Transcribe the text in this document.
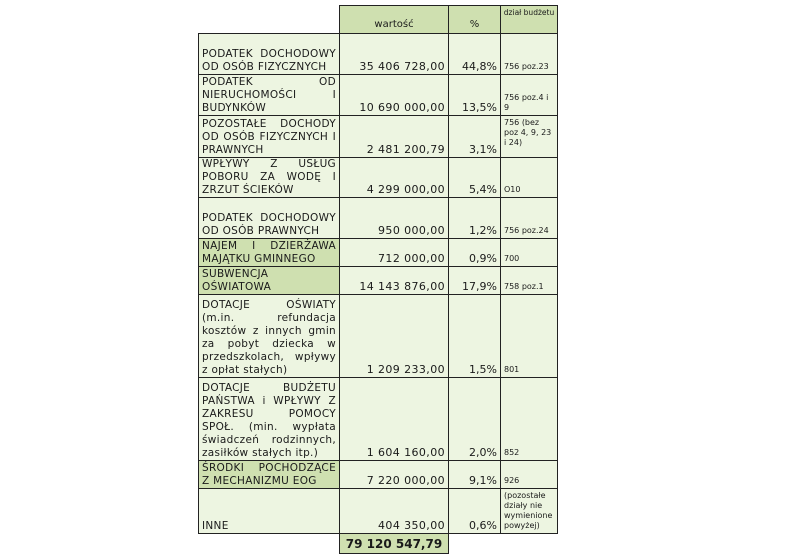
	wartość	%	dział budżetu
PODATEK DOCHODOWY OD OSÓB FIZYCZNYCH	35 406 728,00	44,8%	756 poz.23
PODATEK OD NIERUCHOMOŚCI I BUDYNKÓW	10 690 000,00	13,5%	756 poz.4 i 9
POZOSTAŁE DOCHODY OD OSÓB FIZYCZNYCH I PRAWNYCH	2 481 200,79	3,1%	756 (bez poz 4, 9, 23 i 24)
WPŁYWY Z USŁUG POBORU ZA WODĘ I ZRZUT ŚCIEKÓW	4 299 000,00	5,4%	O10
PODATEK DOCHODOWY OD OSÓB PRAWNYCH	950 000,00	1,2%	756 poz.24
NAJEM I DZIERŻAWA MAJĄTKU GMINNEGO	712 000,00	0,9%	700
SUBWENCJA OŚWIATOWA	14 143 876,00	17,9%	758 poz.1
DOTACJE OŚWIATY (m.in. refundacja kosztów z innych gmin za pobyt dziecka w przedszkolach, wpływy z opłat stałych)	1 209 233,00	1,5%	801
DOTACJE BUDŻETU PAŃSTWA i WPŁYWY Z ZAKRESU POMOCY SPOŁ. (min. wypłata świadczeń rodzinnych, zasiłków stałych itp.)	1 604 160,00	2,0%	852
ŚRODKI POCHODZĄCE Z MECHANIZMU EOG	7 220 000,00	9,1%	926
INNE	404 350,00	0,6%	(pozostałe działy nie wymienione powyżej)
	79 120 547,79		
